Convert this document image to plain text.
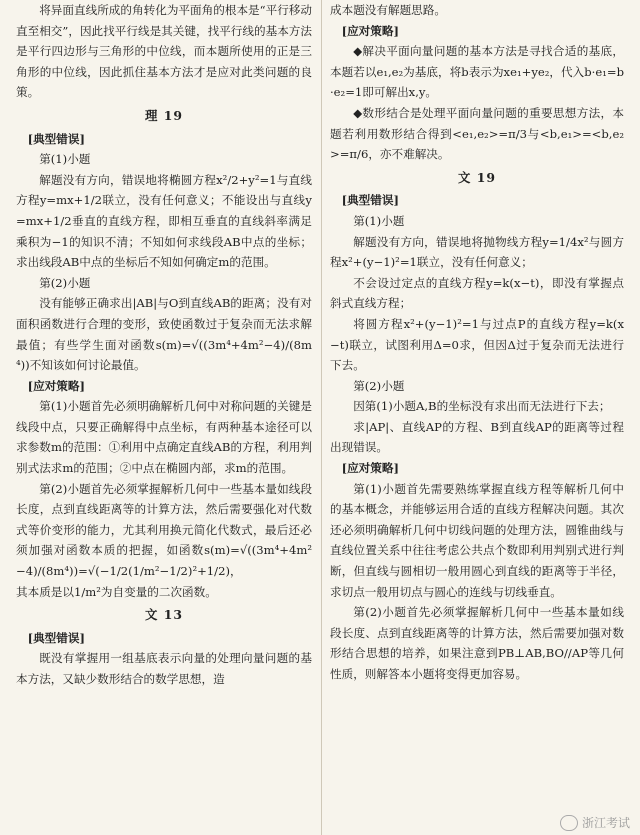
将异面直线所成的角转化为平面角的根本是“平行移动直至相交”，因此找平行线是其关键，找平行线的基本方法是平行四边形与三角形的中位线，而本题所使用的正是三角形的中位线，因此抓住基本方法才是应对此类问题的良策。

理 19

[典型错误]

第(1)小题

解题没有方向，错误地将椭圆方程x²/2+y²=1与直线方程y=mx+1/2联立，没有任何意义；不能设出与直线y=mx+1/2垂直的直线方程，即相互垂直的直线斜率满足乘积为−1的知识不清；不知如何求线段AB中点的坐标；求出线段AB中点的坐标后不知如何确定m的范围。

第(2)小题

没有能够正确求出|AB|与O到直线AB的距离；没有对面积函数进行合理的变形，致使函数过于复杂而无法求解最值；有些学生面对函数s(m)=√((3m⁴+4m²−4)/(8m⁴))不知该如何讨论最值。

[应对策略]

第(1)小题首先必须明确解析几何中对称问题的关键是线段中点，只要正确解得中点坐标，有两种基本途径可以求参数m的范围：①利用中点确定直线AB的方程，利用判别式法求m的范围；②中点在椭圆内部，求m的范围。

第(2)小题首先必须掌握解析几何中一些基本量如线段长度，点到直线距离等的计算方法，然后需要强化对代数式等价变形的能力，尤其利用换元简化代数式，最后还必须加强对函数本质的把握，如函数s(m)=√((3m⁴+4m²−4)/(8m⁴))=√(−1/2(1/m²−1/2)²+1/2)，

其本质是以1/m²为自变量的二次函数。

文 13

[典型错误]

既没有掌握用一组基底表示向量的处理向量问题的基本方法，又缺少数形结合的数学思想，造

成本题没有解题思路。

[应对策略]

◆解决平面向量问题的基本方法是寻找合适的基底，本题若以e₁,e₂为基底，将b表示为xe₁+ye₂，代入b·e₁=b·e₂=1即可解出x,y。

◆数形结合是处理平面向量问题的重要思想方法，本题若利用数形结合得到<e₁,e₂>=π/3与<b,e₁>=<b,e₂>=π/6，亦不难解决。

文 19

[典型错误]

第(1)小题

解题没有方向，错误地将抛物线方程y=1/4x²与圆方程x²+(y−1)²=1联立，没有任何意义；

不会设过定点的直线方程y=k(x−t)，即没有掌握点斜式直线方程；

将圆方程x²+(y−1)²=1与过点P的直线方程y=k(x−t)联立，试图利用Δ=0求，但因Δ过于复杂而无法进行下去。

第(2)小题

因第(1)小题A,B的坐标没有求出而无法进行下去；

求|AP|、直线AP的方程、B到直线AP的距离等过程出现错误。

[应对策略]

第(1)小题首先需要熟练掌握直线方程等解析几何中的基本概念，并能够运用合适的直线方程解决问题。其次还必须明确解析几何中切线问题的处理方法，圆锥曲线与直线位置关系中往往考虑公共点个数即利用判别式进行判断，但直线与圆相切一般用圆心到直线的距离等于半径，求切点一般用切点与圆心的连线与切线垂直。

第(2)小题首先必须掌握解析几何中一些基本量如线段长度、点到直线距离等的计算方法，然后需要加强对数形结合思想的培养，如果注意到PB⊥AB,BO//AP等几何性质，则解答本小题将变得更加容易。

浙江考试
